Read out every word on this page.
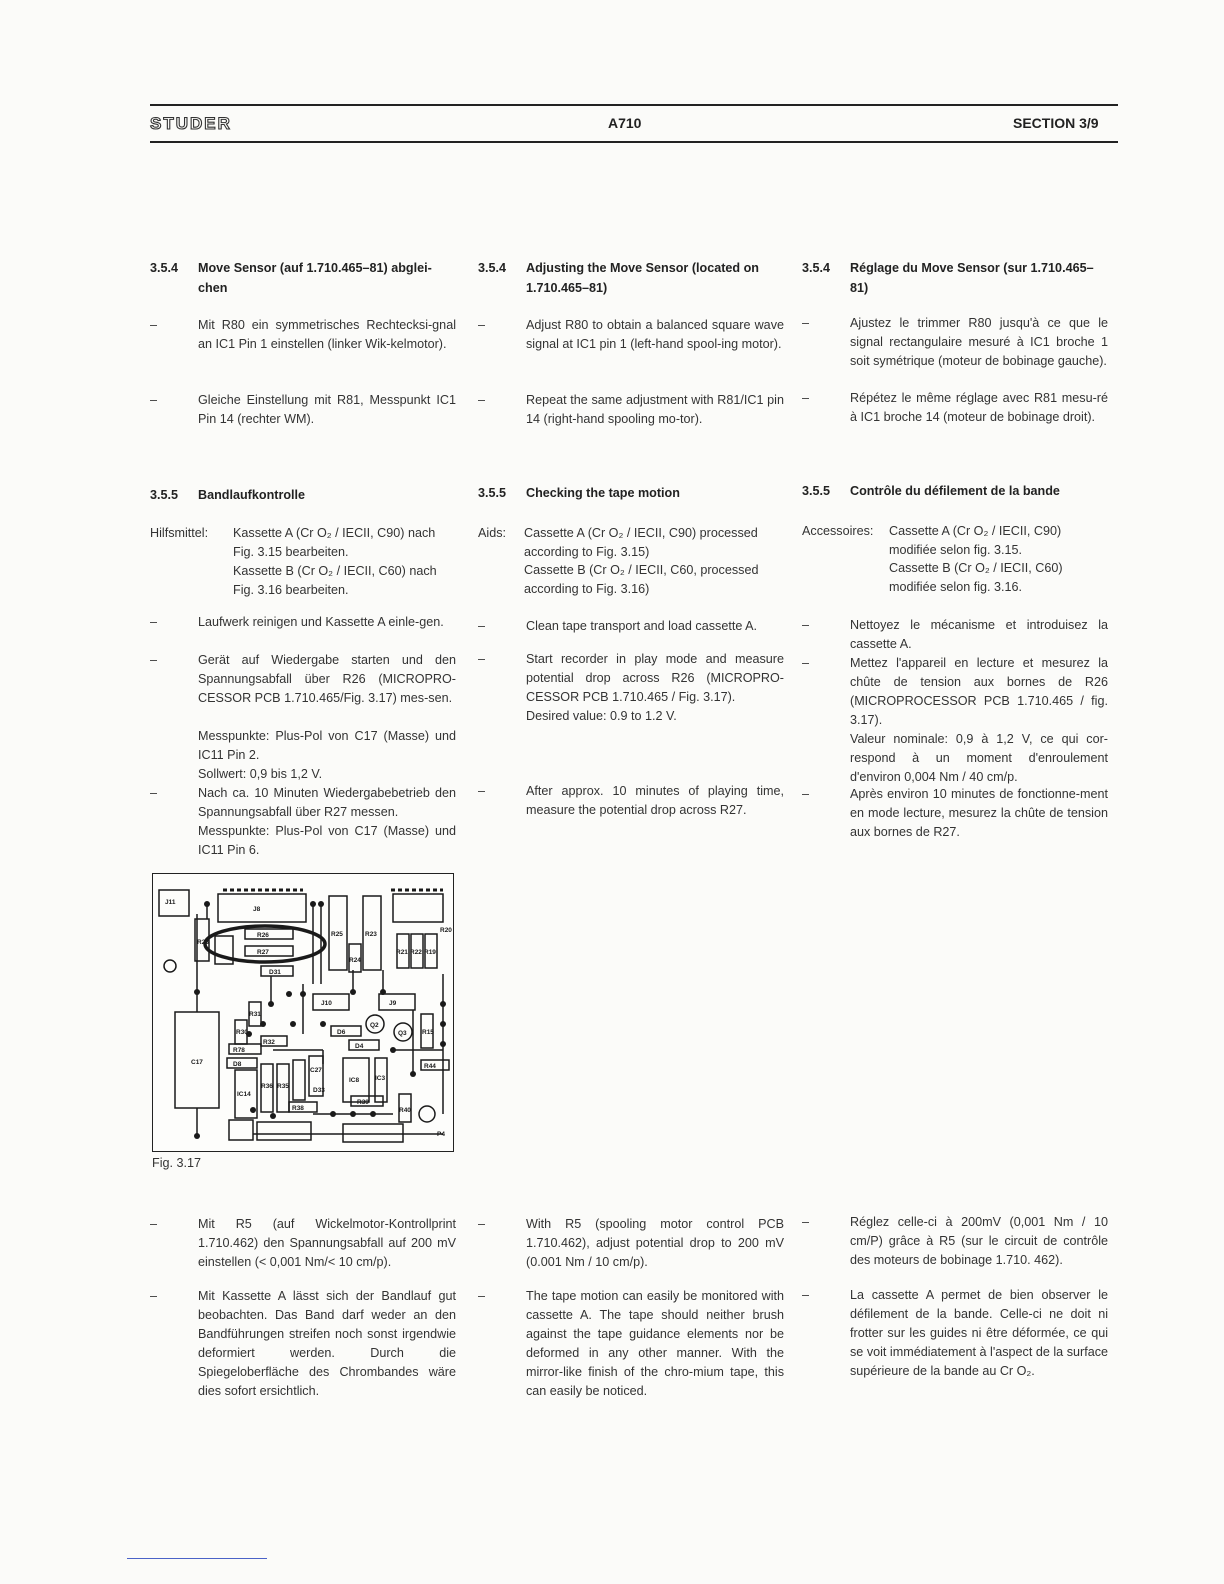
STUDER	A710	SECTION 3/9
3.5.4 Move Sensor (auf 1.710.465–81) abglei-chen
–	Mit R80 ein symmetrisches Rechtecksi-gnal an IC1 Pin 1 einstellen (linker Wik-kelmotor).
–	Gleiche Einstellung mit R81, Messpunkt IC1 Pin 14 (rechter WM).
3.5.4 Adjusting the Move Sensor (located on 1.710.465–81)
–	Adjust R80 to obtain a balanced square wave signal at IC1 pin 1 (left-hand spool-ing motor).
–	Repeat the same adjustment with R81/IC1 pin 14 (right-hand spooling mo-tor).
3.5.4 Réglage du Move Sensor (sur 1.710.465–81)
–	Ajustez le trimmer R80 jusqu'à ce que le signal rectangulaire mesuré à IC1 broche 1 soit symétrique (moteur de bobinage gauche).
–	Répétez le même réglage avec R81 mesu-ré à IC1 broche 14 (moteur de bobinage droit).
3.5.5 Bandlaufkontrolle
Hilfsmittel: Kassette A (Cr O₂ / IECII, C90) nach
Fig. 3.15 bearbeiten.
Kassette B (Cr O₂ / IECII, C60) nach
Fig. 3.16 bearbeiten.
–	Laufwerk reinigen und Kassette A einle-gen.
–	Gerät auf Wiedergabe starten und den Spannungsabfall über R26 (MICROPRO-CESSOR PCB 1.710.465/Fig. 3.17) mes-sen.
Messpunkte: Plus-Pol von C17 (Masse) und IC11 Pin 2.
Sollwert: 0,9 bis 1,2 V.
–	Nach ca. 10 Minuten Wiedergabebetrieb den Spannungsabfall über R27 messen.
Messpunkte: Plus-Pol von C17 (Masse) und IC11 Pin 6.
3.5.5 Checking the tape motion
Aids: Cassette A (Cr O₂ / IECII, C90) processed
according to Fig. 3.15)
Cassette B (Cr O₂ / IECII, C60, processed
according to Fig. 3.16)
–	Clean tape transport and load cassette A.
–	Start recorder in play mode and measure potential drop across R26 (MICROPRO-CESSOR PCB 1.710.465 / Fig. 3.17).
Desired value: 0.9 to 1.2 V.
–	After approx. 10 minutes of playing time, measure the potential drop across R27.
3.5.5 Contrôle du défilement de la bande
Accessoires: Cassette A (Cr O₂ / IECII, C90)
modifiée selon fig. 3.15.
Cassette B (Cr O₂ / IECII, C60)
modifiée selon fig. 3.16.
–	Nettoyez le mécanisme et introduisez la cassette A.
–	Mettez l'appareil en lecture et mesurez la chûte de tension aux bornes de R26 (MICROPROCESSOR PCB 1.710.465 / fig. 3.17).
Valeur nominale: 0,9 à 1,2 V, ce qui cor-respond à un moment d'enroulement d'environ 0,004 Nm / 40 cm/p.
–	Après environ 10 minutes de fonctionne-ment en mode lecture, mesurez la chûte de tension aux bornes de R27.
J11
J8
R26
R27
D31
R28
R25	R23
R24
R21 R22 R19
R20
J10	J9
C17
R30
R31
R32
R78
D8
D6
D4
IC14
IC8
C27
R44
R15
R38
R39
R40
R35
R36
D33
IC3
Q3
Q2
P4
Fig. 3.17
–	Mit R5 (auf Wickelmotor-Kontrollprint 1.710.462) den Spannungsabfall auf 200 mV einstellen (< 0,001 Nm/< 10 cm/p).
–	Mit Kassette A lässt sich der Bandlauf gut beobachten. Das Band darf weder an den Bandführungen streifen noch sonst irgendwie deformiert werden. Durch die Spiegeloberfläche des Chrombandes wäre dies sofort ersichtlich.
–	With R5 (spooling motor control PCB 1.710.462), adjust potential drop to 200 mV (0.001 Nm / 10 cm/p).
–	The tape motion can easily be monitored with cassette A. The tape should neither brush against the tape guidance elements nor be deformed in any other manner. With the mirror-like finish of the chro-mium tape, this can easily be noticed.
–	Réglez celle-ci à 200mV (0,001 Nm / 10 cm/P) grâce à R5 (sur le circuit de contrôle des moteurs de bobinage 1.710. 462).
–	La cassette A permet de bien observer le défilement de la bande. Celle-ci ne doit ni frotter sur les guides ni être déformée, ce qui se voit immédiatement à l'aspect de la surface supérieure de la bande au Cr O₂.
